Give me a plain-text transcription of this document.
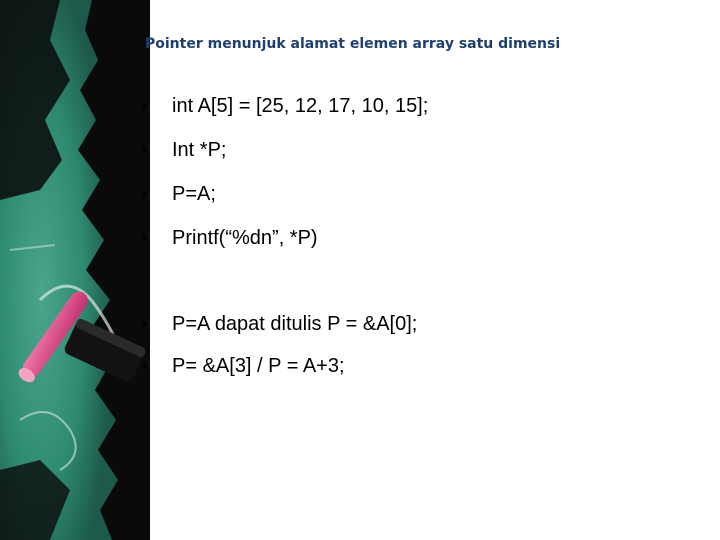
Pointer menunjuk alamat elemen array satu dimensi
•	int A[5] = [25, 12, 17, 10, 15];
•	Int *P;
•	P=A;
•	Printf(“%dn”, *P)
•	P=A dapat ditulis P = &A[0];
•	P= &A[3] / P = A+3;
